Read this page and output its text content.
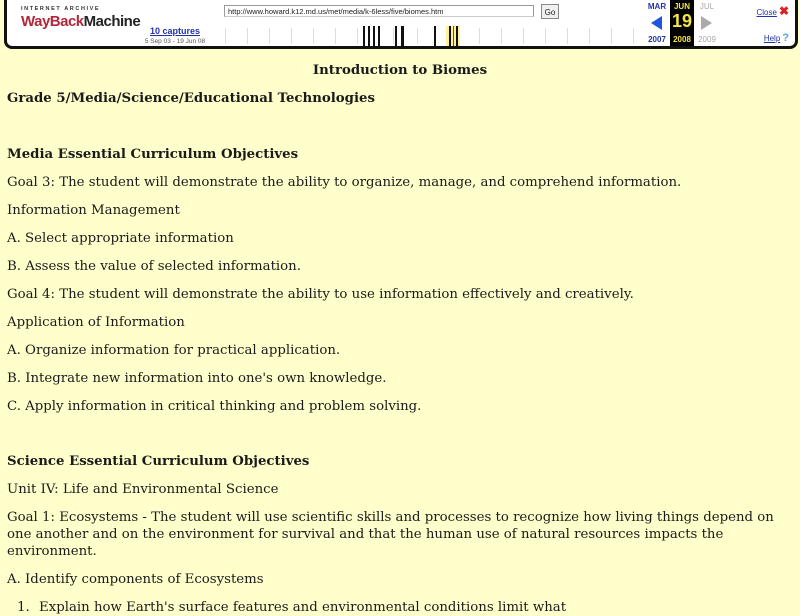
INTERNET ARCHIVE
WayBackMachine
10 captures
5 Sep 03 - 19 Jun 08
http://www.howard.k12.md.us/met/media/k-6less/five/biomes.htm	Go
MAR JUN	JUL
19
2007 2008 2009
Close ✖
Help ?

Introduction to Biomes

Grade 5/Media/Science/Educational Technologies

Media Essential Curriculum Objectives

Goal 3: The student will demonstrate the ability to organize, manage, and comprehend information.

Information Management

A. Select appropriate information

B. Assess the value of selected information.

Goal 4: The student will demonstrate the ability to use information effectively and creatively.

Application of Information

A. Organize information for practical application.

B. Integrate new information into one's own knowledge.

C. Apply information in critical thinking and problem solving.

Science Essential Curriculum Objectives

Unit IV: Life and Environmental Science

Goal 1: Ecosystems - The student will use scientific skills and processes to recognize how living things depend on one another and on the environment for survival and that the human use of natural resources impacts the environment.

A. Identify components of Ecosystems

1. Explain how Earth's surface features and environmental conditions limit what
